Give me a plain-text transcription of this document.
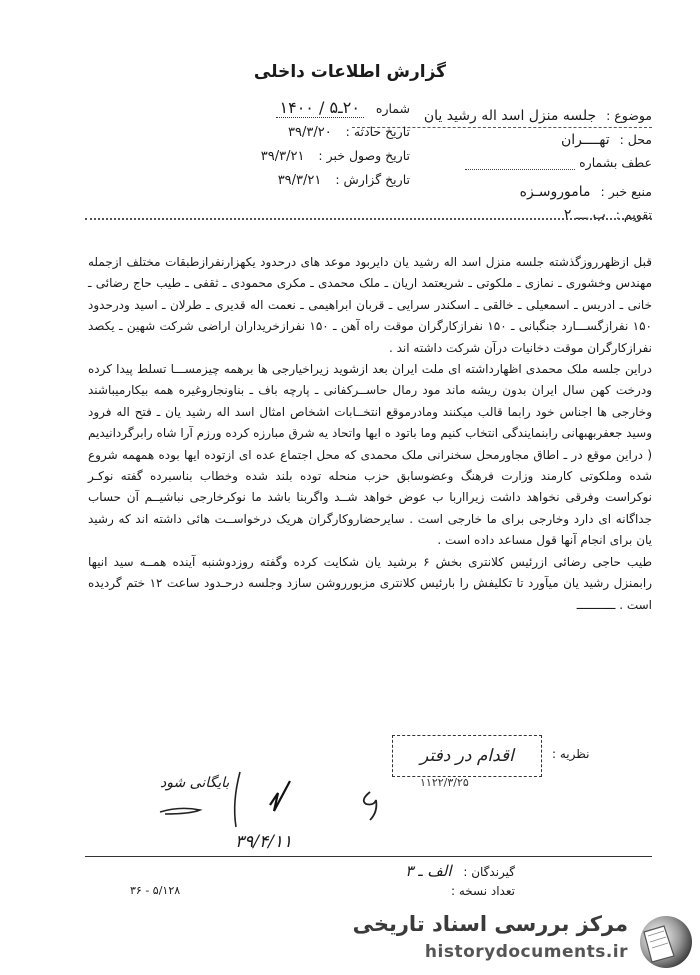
گزارش اطلاعات داخلی
موضوع : جلسه منزل اسد اله رشید یان
محل : تهــــران
عطف بشماره
منبع خبر : ماموروسـزه
تقویم : ب ـــ ۲
شماره ۲۰ـ۵ / ۱۴۰۰
تاریخ حادثه : ۳۹/۳/۲۰
تاریخ وصول خبر : ۳۹/۳/۲۱
تاریخ گزارش : ۳۹/۳/۲۱

قبل ازظهرروزگذشته جلسه منزل اسد اله رشید یان دایربود موعد های درحدود یکهزارنفرازطبقات مختلف ازجمله مهندس وخشوری ـ نمازی ـ ملکوتی ـ شریعتمد اریان ـ ملک محمدی ـ مکری محمودی ـ ثقفی ـ طیب حاج رضائی ـ خانی ـ ادریس ـ اسمعیلی ـ خالقی ـ اسکندر سرایی ـ قربان ابراهیمی ـ نعمت اله قدیری ـ طرلان ـ اسید ودرحدود ۱۵۰ نفرازگســـارد جنگبانی ـ ۱۵۰ نفرازکارگران موقت راه آهن ـ ۱۵۰ نفرازخریداران اراضی شرکت شهین ـ یکصد نفرازکارگران موقت دخانیات درآن شرکت داشته اند .

دراین جلسه ملک محمدی اظهارداشته ای ملت ایران بعد ازشوید زیراخیارجی ها برهمه چیزمســـا تسلط پیدا کرده ودرخت کهن سال ایران بدون ریشه ماند مود رمال حاســرکفانی ـ پارچه باف ـ بناونجاروغیره همه بیکارمیباشند وخارجی ها اجناس خود رابما قالب میکنند ومادرموقع انتخــابات اشخاص امثال اسد اله رشید یان ـ فتح اله فرود وسید جعفربهبهانی رابنمایندگی انتخاب کنیم وما باتود ه ایها واتحاد یه شرق مبارزه کرده ورزم آرا شاه رابرگردانیدیم ( دراین موقع در ـ اطاق مجاورمحل سخنرانی ملک محمدی که محل اجتماع عده ای ازتوده ایها بوده همهمه شروع شده وملکوتی کارمند وزارت فرهنگ وعضوسابق حزب منحله توده بلند شده وخطاب بناسبرده گفته نوکـر نوکراست وفرقی نخواهد داشت زیرااربا ب عوض خواهد شــد واگربنا باشد ما نوکرخارجی نباشیــم آن حساب جداگانه ای دارد وخارجی برای ما خارجی است . سایرحضاروکارگران هریک درخواســت هائی داشته اند که رشید یان برای انجام آنها قول مساعد داده است .

طیب حاجی رضائی ازرئیس کلانتری بخش ۶ برشید یان شکایت کرده وگفته روزدوشنبه آینده همــه سید انیها رابمنزل رشید یان میآورد تا تکلیفش را بارئیس کلانتری مزبورروشن سازد وجلسه درحـدود ساعت ۱۲ ختم گردیده است . ـــــــــــ

نظریه :
اقدام در دفتر
۱۱۲۲/۳/۲۵
بایگانی شود
۳۹/۴/۱۱
گیرندگان : الف ـ ۳
تعداد نسخه :
۵/۱۲۸ - ۳۶
مرکز بررسی اسناد تاریخی
historydocuments.ir
